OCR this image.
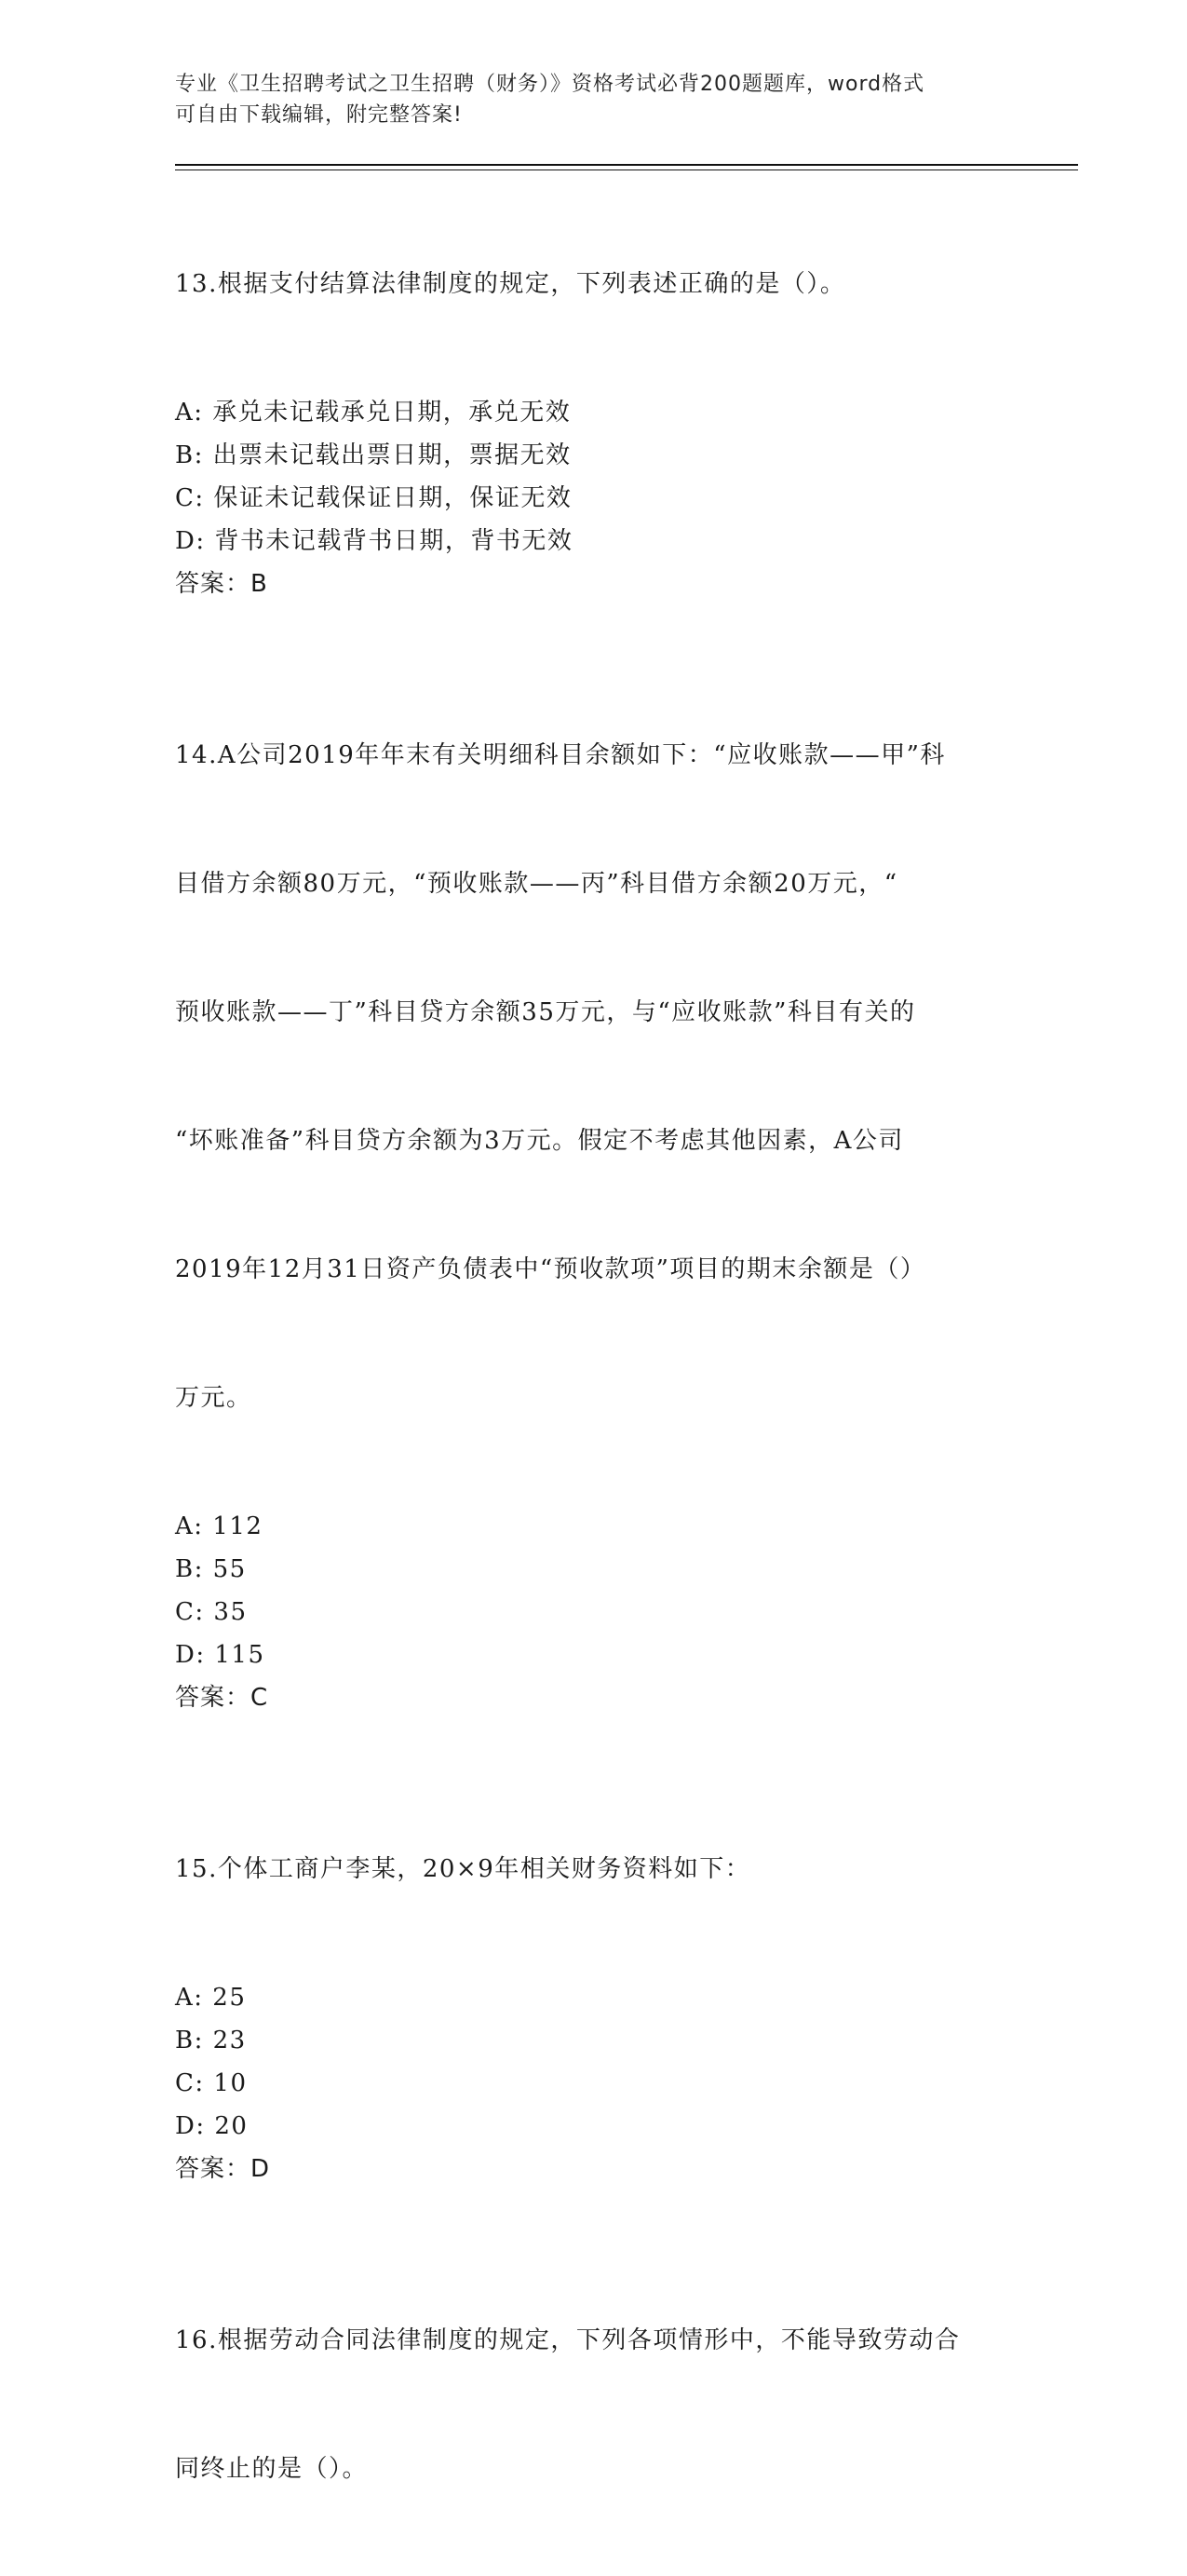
专业《卫生招聘考试之卫生招聘（财务）》资格考试必背200题题库，word格式
可自由下载编辑，附完整答案!

13.根据支付结算法律制度的规定，下列表述正确的是（）。

A: 承兑未记载承兑日期，承兑无效
B: 出票未记载出票日期，票据无效
C: 保证未记载保证日期，保证无效
D: 背书未记载背书日期，背书无效
答案：B

14.A公司2019年年末有关明细科目余额如下：“应收账款——甲”科

目借方余额80万元，“预收账款——丙”科目借方余额20万元，“

预收账款——丁”科目贷方余额35万元，与“应收账款”科目有关的

“坏账准备”科目贷方余额为3万元。假定不考虑其他因素，A公司

2019年12月31日资产负债表中“预收款项”项目的期末余额是（）

万元。

A: 112
B: 55
C: 35
D: 115
答案：C

15.个体工商户李某，20×9年相关财务资料如下：

A: 25
B: 23
C: 10
D: 20
答案：D

16.根据劳动合同法律制度的规定，下列各项情形中，不能导致劳动合

同终止的是（）。
